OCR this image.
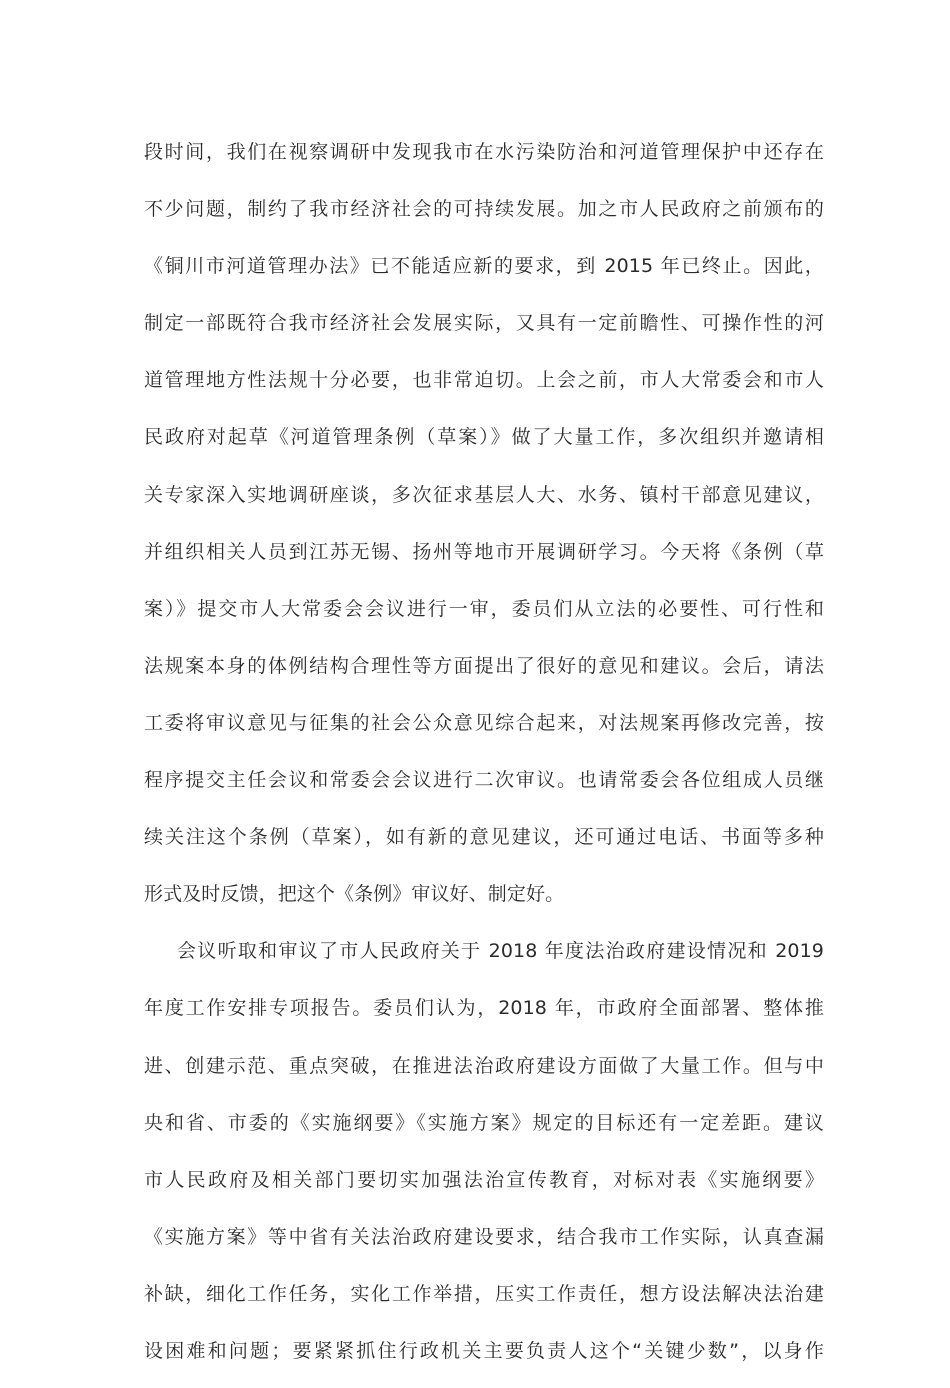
段时间，我们在视察调研中发现我市在水污染防治和河道管理保护中还存在
不少问题，制约了我市经济社会的可持续发展。加之市人民政府之前颁布的
《铜川市河道管理办法》已不能适应新的要求，到 2015 年已终止。因此，
制定一部既符合我市经济社会发展实际，又具有一定前瞻性、可操作性的河
道管理地方性法规十分必要，也非常迫切。上会之前，市人大常委会和市人
民政府对起草《河道管理条例（草案）》做了大量工作，多次组织并邀请相
关专家深入实地调研座谈，多次征求基层人大、水务、镇村干部意见建议，
并组织相关人员到江苏无锡、扬州等地市开展调研学习。今天将《条例（草
案）》提交市人大常委会会议进行一审，委员们从立法的必要性、可行性和
法规案本身的体例结构合理性等方面提出了很好的意见和建议。会后，请法
工委将审议意见与征集的社会公众意见综合起来，对法规案再修改完善，按
程序提交主任会议和常委会会议进行二次审议。也请常委会各位组成人员继
续关注这个条例（草案），如有新的意见建议，还可通过电话、书面等多种
形式及时反馈，把这个《条例》审议好、制定好。
会议听取和审议了市人民政府关于 2018 年度法治政府建设情况和 2019
年度工作安排专项报告。委员们认为，2018 年，市政府全面部署、整体推
进、创建示范、重点突破，在推进法治政府建设方面做了大量工作。但与中
央和省、市委的《实施纲要》《实施方案》规定的目标还有一定差距。建议
市人民政府及相关部门要切实加强法治宣传教育，对标对表《实施纲要》
《实施方案》等中省有关法治政府建设要求，结合我市工作实际，认真查漏
补缺，细化工作任务，实化工作举措，压实工作责任，想方设法解决法治建
设困难和问题；要紧紧抓住行政机关主要负责人这个“关键少数”，以身作
